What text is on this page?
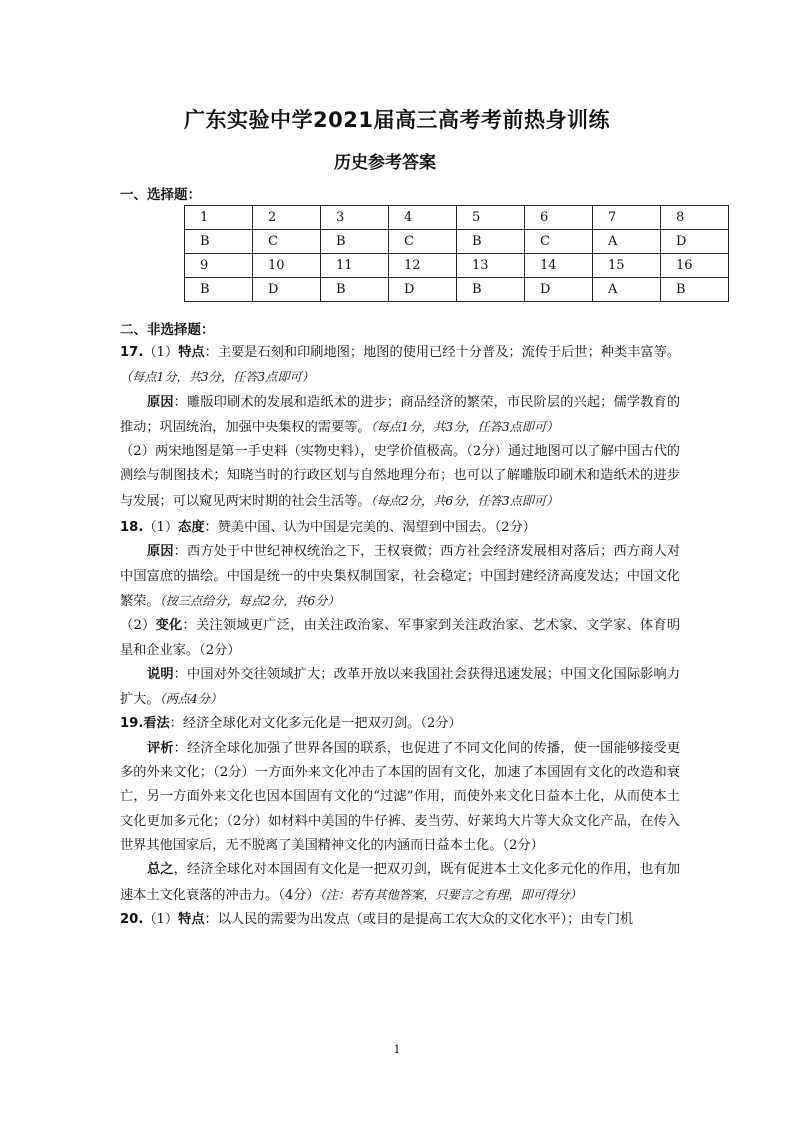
广东实验中学2021届高三高考考前热身训练
历史参考答案
一、选择题：
1	2	3	4	5	6	7	8
B	C	B	C	B	C	A	D
9	10	11	12	13	14	15	16
B	D	B	D	B	D	A	B
二、非选择题：

17.（1）特点：主要是石刻和印刷地图；地图的使用已经十分普及；流传于后世；种类丰富等。（每点1分，共3分，任答3点即可）

原因：雕版印刷术的发展和造纸术的进步；商品经济的繁荣，市民阶层的兴起；儒学教育的推动；巩固统治，加强中央集权的需要等。（每点1分，共3分，任答3点即可）

（2）两宋地图是第一手史料（实物史料），史学价值极高。（2分）通过地图可以了解中国古代的测绘与制图技术；知晓当时的行政区划与自然地理分布；也可以了解雕版印刷术和造纸术的进步与发展；可以窥见两宋时期的社会生活等。（每点2分，共6分，任答3点即可）

18.（1）态度：赞美中国、认为中国是完美的、渴望到中国去。（2分）

原因：西方处于中世纪神权统治之下，王权衰微；西方社会经济发展相对落后；西方商人对中国富庶的描绘。中国是统一的中央集权制国家，社会稳定；中国封建经济高度发达；中国文化繁荣。（按三点给分，每点2分，共6分）

（2）变化：关注领域更广泛，由关注政治家、军事家到关注政治家、艺术家、文学家、体育明星和企业家。（2分）

说明：中国对外交往领域扩大；改革开放以来我国社会获得迅速发展；中国文化国际影响力扩大。（两点4分）

19.看法：经济全球化对文化多元化是一把双刃剑。（2分）

评析：经济全球化加强了世界各国的联系，也促进了不同文化间的传播，使一国能够接受更多的外来文化；（2分）一方面外来文化冲击了本国的固有文化，加速了本国固有文化的改造和衰亡，另一方面外来文化也因本国固有文化的“过滤”作用，而使外来文化日益本土化，从而使本土文化更加多元化；（2分）如材料中美国的牛仔裤、麦当劳、好莱坞大片等大众文化产品，在传入世界其他国家后，无不脱离了美国精神文化的内涵而日益本土化。（2分）

总之，经济全球化对本国固有文化是一把双刃剑，既有促进本土文化多元化的作用，也有加速本土文化衰落的冲击力。（4分）（注：若有其他答案，只要言之有理，即可得分）

20.（1）特点：以人民的需要为出发点（或目的是提高工农大众的文化水平）；由专门机

1
